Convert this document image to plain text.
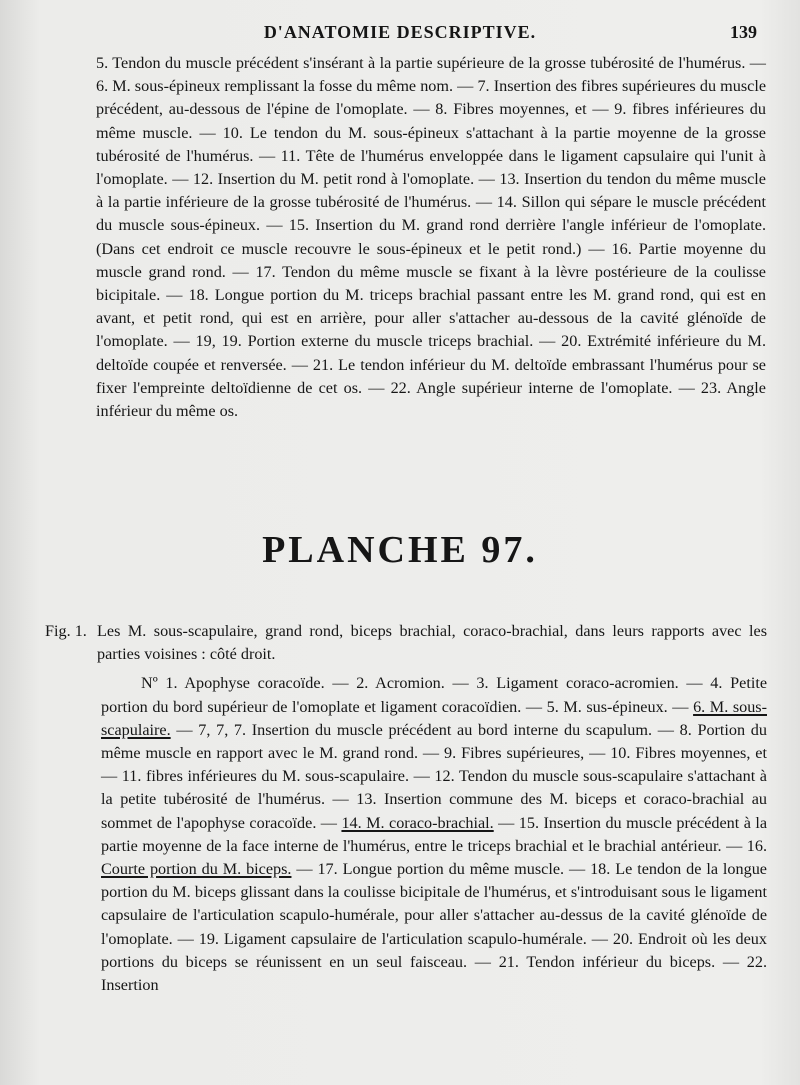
D'ANATOMIE DESCRIPTIVE.	139

5. Tendon du muscle précédent s'insérant à la partie supérieure de la grosse tubérosité de l'humérus. — 6. M. sous-épineux remplissant la fosse du même nom. — 7. Insertion des fibres supérieures du muscle précédent, au-dessous de l'épine de l'omoplate. — 8. Fibres moyennes, et — 9. fibres inférieures du même muscle. — 10. Le tendon du M. sous-épineux s'attachant à la partie moyenne de la grosse tubérosité de l'humérus. — 11. Tête de l'humérus enveloppée dans le ligament capsulaire qui l'unit à l'omoplate. — 12. Insertion du M. petit rond à l'omoplate. — 13. Insertion du tendon du même muscle à la partie inférieure de la grosse tubérosité de l'humérus. — 14. Sillon qui sépare le muscle précédent du muscle sous-épineux. — 15. Insertion du M. grand rond derrière l'angle inférieur de l'omoplate. (Dans cet endroit ce muscle recouvre le sous-épineux et le petit rond.) — 16. Partie moyenne du muscle grand rond. — 17. Tendon du même muscle se fixant à la lèvre postérieure de la coulisse bicipitale. — 18. Longue portion du M. triceps brachial passant entre les M. grand rond, qui est en avant, et petit rond, qui est en arrière, pour aller s'attacher au-dessous de la cavité glénoïde de l'omoplate. — 19, 19. Portion externe du muscle triceps brachial. — 20. Extrémité inférieure du M. deltoïde coupée et renversée. — 21. Le tendon inférieur du M. deltoïde embrassant l'humérus pour se fixer l'empreinte deltoïdienne de cet os. — 22. Angle supérieur interne de l'omoplate. — 23. Angle inférieur du même os.

PLANCHE 97.
Fig. 1. Les M. sous-scapulaire, grand rond, biceps brachial, coraco-brachial, dans leurs rapports avec les parties voisines : côté droit.
Nº 1. Apophyse coracoïde. — 2. Acromion. — 3. Ligament coraco-acromien. — 4. Petite portion du bord supérieur de l'omoplate et ligament coracoïdien. — 5. M. sus-épineux. — 6. M. sous-scapulaire. — 7, 7, 7. Insertion du muscle précédent au bord interne du scapulum. — 8. Portion du même muscle en rapport avec le M. grand rond. — 9. Fibres supérieures, — 10. Fibres moyennes, et — 11. fibres inférieures du M. sous-scapulaire. — 12. Tendon du muscle sous-scapulaire s'attachant à la petite tubérosité de l'humérus. — 13. Insertion commune des M. biceps et coraco-brachial au sommet de l'apophyse coracoïde. — 14. M. coraco-brachial. — 15. Insertion du muscle précédent à la partie moyenne de la face interne de l'humérus, entre le triceps brachial et le brachial antérieur. — 16. Courte portion du M. biceps. — 17. Longue portion du même muscle. — 18. Le tendon de la longue portion du M. biceps glissant dans la coulisse bicipitale de l'humérus, et s'introduisant sous le ligament capsulaire de l'articulation scapulo-humérale, pour aller s'attacher au-dessus de la cavité glénoïde de l'omoplate. — 19. Ligament capsulaire de l'articulation scapulo-humérale. — 20. Endroit où les deux portions du biceps se réunissent en un seul faisceau. — 21. Tendon inférieur du biceps. — 22. Insertion
